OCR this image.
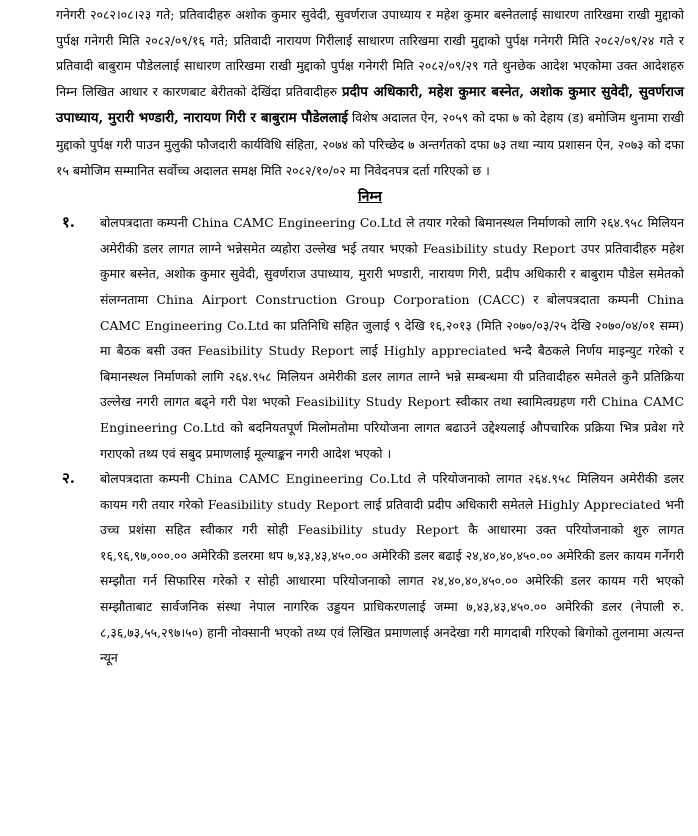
गनेगरी २०८२।०८।२३ गते; प्रतिवादीहरु अशोक कुमार सुवेदी, सुवर्णराज उपाध्याय र महेश कुमार बस्नेतलाई साधारण तारिखमा राखी मुद्दाको पुर्पक्ष गनेगरी मिति २०८२/०९/१६ गते; प्रतिवादी नारायण गिरीलाई साधारण तारिखमा राखी मुद्दाको पुर्पक्ष गनेगरी मिति २०८२/०९/२४ गते र प्रतिवादी बाबुराम पौडेललाई साधारण तारिखमा राखी मुद्दाको पुर्पक्ष गनेगरी मिति २०८२/०९/२९ गते थुनछेक आदेश भएकोमा उक्त आदेशहरु निम्न लिखित आधार र कारणबाट बेरीतको देखिंदा प्रतिवादीहरु प्रदीप अधिकारी, महेश कुमार बस्नेत, अशोक कुमार सुवेदी, सुवर्णराज उपाध्याय, मुरारी भण्डारी, नारायण गिरी र बाबुराम पौडेललाई विशेष अदालत ऐन, २०५९ को दफा ७ को देहाय (ड) बमोजिम थुनामा राखी मुद्दाको पुर्पक्ष गरी पाउन मुलुकी फौजदारी कार्यविधि संहिता, २०७४ को परिच्छेद ७ अन्तर्गतको दफा ७३ तथा न्याय प्रशासन ऐन, २०७३ को दफा १५ बमोजिम सम्मानित सर्वोच्च अदालत समक्ष मिति २०८२/१०/०२ मा निवेदनपत्र दर्ता गरिएको छ ।

निम्न
१. बोलपत्रदाता कम्पनी China CAMC Engineering Co.Ltd ले तयार गरेको बिमानस्थल निर्माणको लागि २६४.९५८ मिलियन अमेरीकी डलर लागत लाग्ने भन्नेसमेत व्यहोरा उल्लेख भई तयार भएको Feasibility study Report उपर प्रतिवादीहरु महेश कुमार बस्नेत, अशोक कुमार सुवेदी, सुवर्णराज उपाध्याय, मुरारी भण्डारी, नारायण गिरी, प्रदीप अधिकारी र बाबुराम पौडेल समेतको संलग्नतामा China Airport Construction Group Corporation (CACC) र बोलपत्रदाता कम्पनी China CAMC Engineering Co.Ltd का प्रतिनिधि सहित जुलाई ९ देखि १६,२०१३ (मिति २०७०/०३/२५ देखि २०७०/०४/०१ सम्म) मा बैठक बसी उक्त Feasibility Study Report लाई Highly appreciated भन्दै बैठकले निर्णय माइन्युट गरेको र बिमानस्थल निर्माणको लागि २६४.९५८ मिलियन अमेरीकी डलर लागत लाग्ने भन्ने सम्बन्धमा यी प्रतिवादीहरु समेतले कुनै प्रतिक्रिया उल्लेख नगरी लागत बढ्ने गरी पेश भएको Feasibility Study Report स्वीकार तथा स्वामित्वग्रहण गरी China CAMC Engineering Co.Ltd को बदनियतपूर्ण मिलोमतोमा परियोजना लागत बढाउने उद्देश्यलाई औपचारिक प्रक्रिया भित्र प्रवेश गरे गराएको तथ्य एवं सबुद प्रमाणलाई मूल्याङ्कन नगरी आदेश भएको ।

२. बोलपत्रदाता कम्पनी China CAMC Engineering Co.Ltd ले परियोजनाको लागत २६४.९५८ मिलियन अमेरीकी डलर कायम गरी तयार गरेको Feasibility study Report लाई प्रतिवादी प्रदीप अधिकारी समेतले Highly Appreciated भनी उच्च प्रशंसा सहित स्वीकार गरी सोही Feasibility study Report कै आधारमा उक्त परियोजनाको शुरु लागत १६,९६,९७,०००.०० अमेरिकी डलरमा थप ७,४३,४३,४५०.०० अमेरिकी डलर बढाई २४,४०,४०,४५०.०० अमेरिकी डलर कायम गर्नेगरी सम्झौता गर्न सिफारिस गरेको र सोही आधारमा परियोजनाको लागत २४,४०,४०,४५०.०० अमेरिकी डलर कायम गरी भएको सम्झौताबाट सार्वजनिक संस्था नेपाल नागरिक उड्डयन प्राधिकरणलाई जम्मा ७,४३,४३,४५०.०० अमेरिकी डलर (नेपाली रु. ८,३६,७३,५५,२९७।५०) हानी नोक्सानी भएको तथ्य एवं लिखित प्रमाणलाई अनदेखा गरी मागदाबी गरिएको बिगोको तुलनामा अत्यन्त न्यून
